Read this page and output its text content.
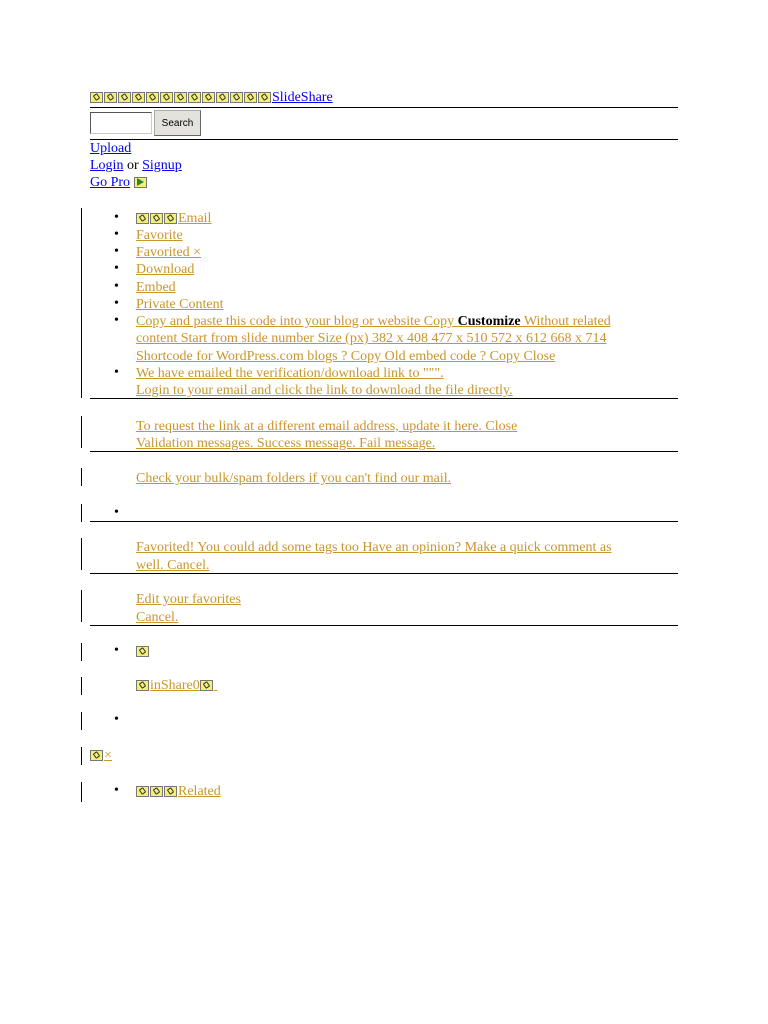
SlideShare
Search
Upload
Login or Signup
Go Pro
•	Email
• Favorite
• Favorited ×
• Download
• Embed
• Private Content
• Copy and paste this code into your blog or website Copy Customize Without related
content Start from slide number Size (px) 382 x 408 477 x 510 572 x 612 668 x 714
Shortcode for WordPress.com blogs ? Copy Old embed code ? Copy Close
• We have emailed the verification/download link to """.
Login to your email and click the link to download the file directly.
To request the link at a different email address, update it here. Close
Validation messages. Success message. Fail message.
Check your bulk/spam folders if you can't find our mail.
•
Favorited! You could add some tags too Have an opinion? Make a quick comment as
well. Cancel.
Edit your favorites
Cancel.
•
inShare0
•
×
•	Related
